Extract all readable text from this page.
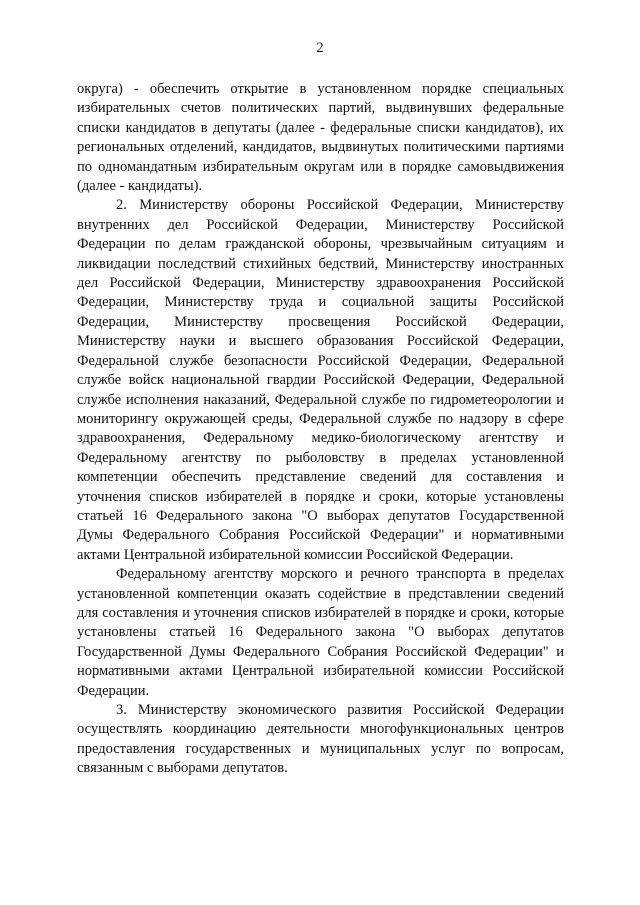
2

округа) - обеспечить открытие в установленном порядке специальных избирательных счетов политических партий, выдвинувших федеральные списки кандидатов в депутаты (далее - федеральные списки кандидатов), их региональных отделений, кандидатов, выдвинутых политическими партиями по одномандатным избирательным округам или в порядке самовыдвижения (далее - кандидаты).

2. Министерству обороны Российской Федерации, Министерству внутренних дел Российской Федерации, Министерству Российской Федерации по делам гражданской обороны, чрезвычайным ситуациям и ликвидации последствий стихийных бедствий, Министерству иностранных дел Российской Федерации, Министерству здравоохранения Российской Федерации, Министерству труда и социальной защиты Российской Федерации, Министерству просвещения Российской Федерации, Министерству науки и высшего образования Российской Федерации, Федеральной службе безопасности Российской Федерации, Федеральной службе войск национальной гвардии Российской Федерации, Федеральной службе исполнения наказаний, Федеральной службе по гидрометеорологии и мониторингу окружающей среды, Федеральной службе по надзору в сфере здравоохранения, Федеральному медико-биологическому агентству и Федеральному агентству по рыболовству в пределах установленной компетенции обеспечить представление сведений для составления и уточнения списков избирателей в порядке и сроки, которые установлены статьей 16 Федерального закона "О выборах депутатов Государственной Думы Федерального Собрания Российской Федерации" и нормативными актами Центральной избирательной комиссии Российской Федерации.

Федеральному агентству морского и речного транспорта в пределах установленной компетенции оказать содействие в представлении сведений для составления и уточнения списков избирателей в порядке и сроки, которые установлены статьей 16 Федерального закона "О выборах депутатов Государственной Думы Федерального Собрания Российской Федерации" и нормативными актами Центральной избирательной комиссии Российской Федерации.

3. Министерству экономического развития Российской Федерации осуществлять координацию деятельности многофункциональных центров предоставления государственных и муниципальных услуг по вопросам, связанным с выборами депутатов.
